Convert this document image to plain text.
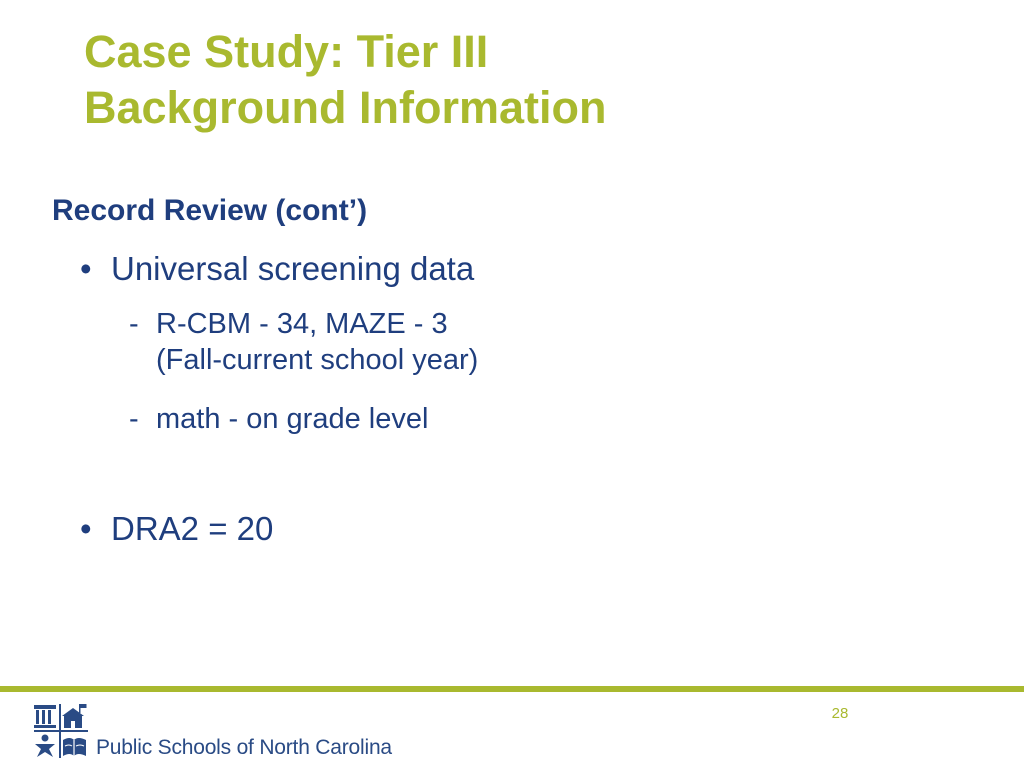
Case Study: Tier III
Background Information
Record Review (cont’)
• Universal screening data
- R-CBM - 34, MAZE - 3
(Fall-current school year)
- math - on grade level
• DRA2 = 20
28
Public Schools of North Carolina
